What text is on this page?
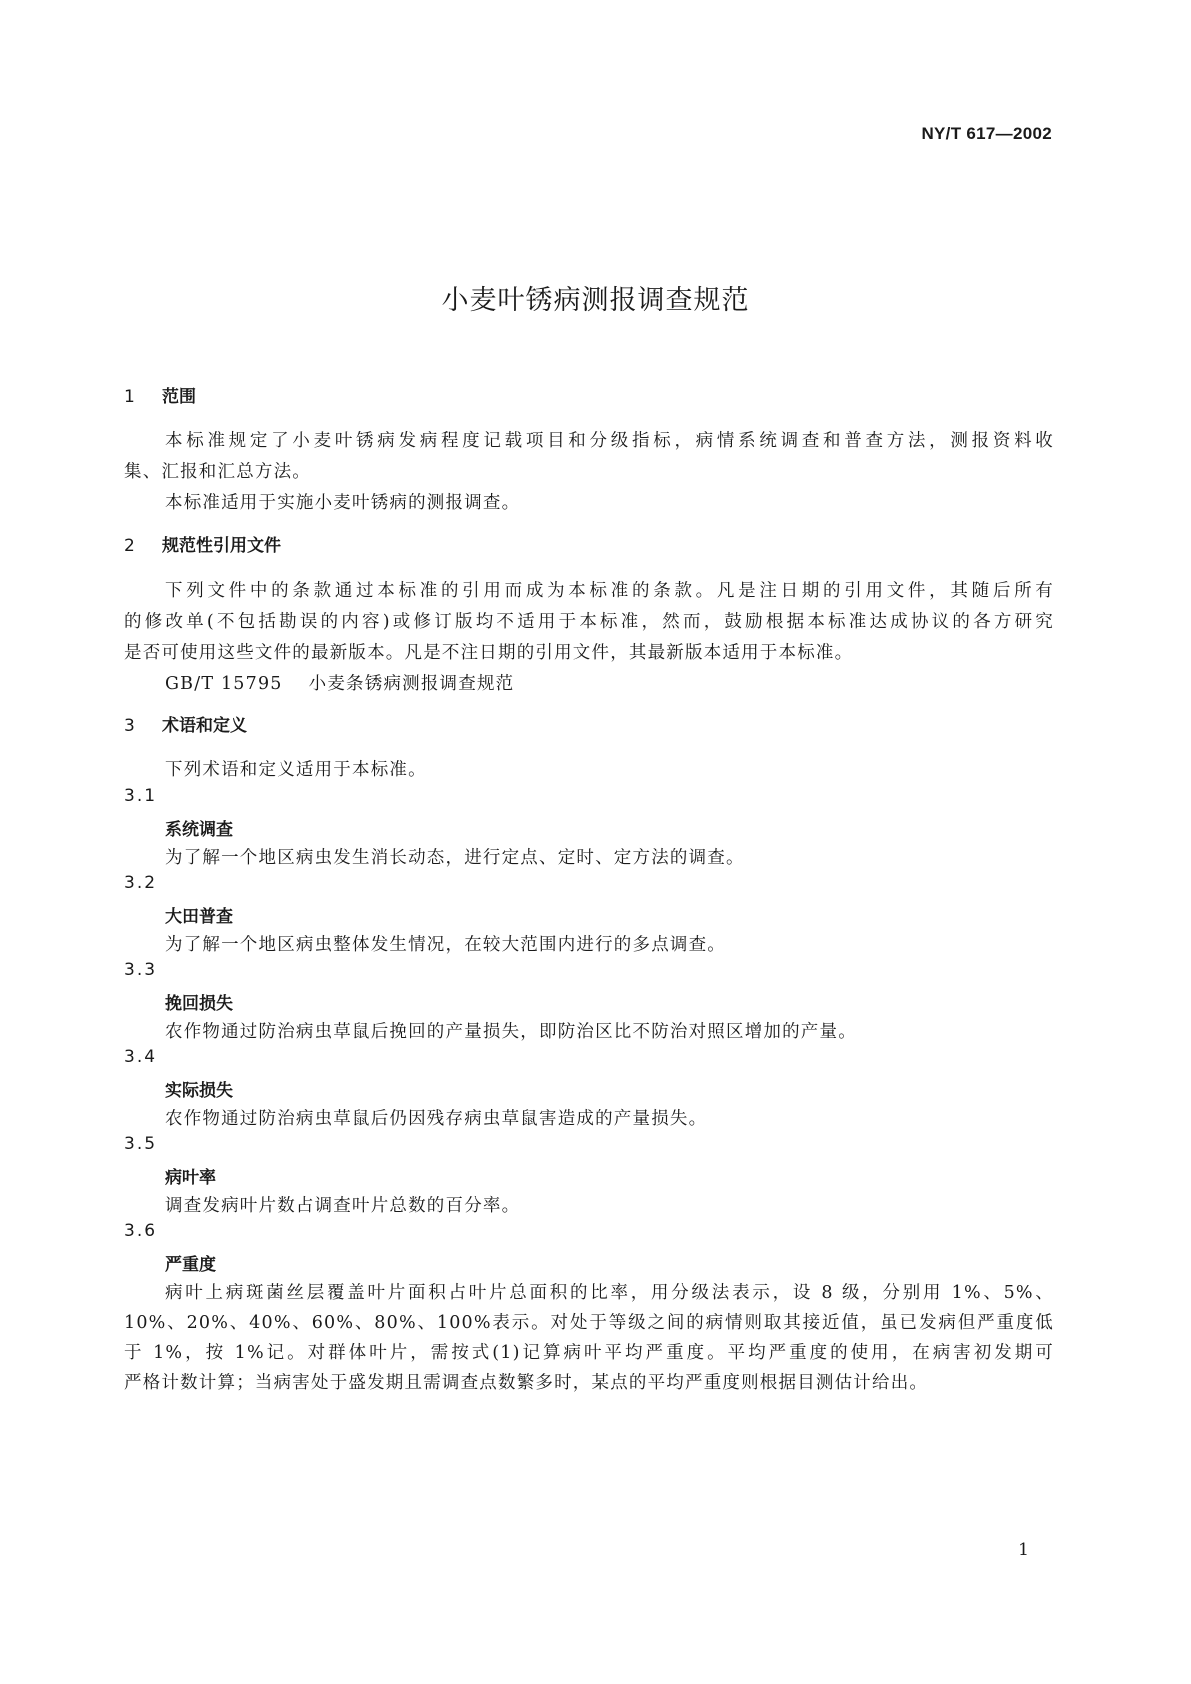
NY/T 617—2002
小麦叶锈病测报调查规范
1 范围
本标准规定了小麦叶锈病发病程度记载项目和分级指标，病情系统调查和普查方法，测报资料收
集、汇报和汇总方法。
本标准适用于实施小麦叶锈病的测报调查。
2 规范性引用文件
下列文件中的条款通过本标准的引用而成为本标准的条款。凡是注日期的引用文件，其随后所有
的修改单(不包括勘误的内容)或修订版均不适用于本标准，然而，鼓励根据本标准达成协议的各方研究
是否可使用这些文件的最新版本。凡是不注日期的引用文件，其最新版本适用于本标准。
GB/T 15795 小麦条锈病测报调查规范
3 术语和定义
下列术语和定义适用于本标准。
3.1
系统调查
为了解一个地区病虫发生消长动态，进行定点、定时、定方法的调查。
3.2
大田普查
为了解一个地区病虫整体发生情况，在较大范围内进行的多点调查。
3.3
挽回损失
农作物通过防治病虫草鼠后挽回的产量损失，即防治区比不防治对照区增加的产量。
3.4
实际损失
农作物通过防治病虫草鼠后仍因残存病虫草鼠害造成的产量损失。
3.5
病叶率
调查发病叶片数占调查叶片总数的百分率。
3.6
严重度
病叶上病斑菌丝层覆盖叶片面积占叶片总面积的比率，用分级法表示，设 8 级，分别用 1%、5%、
10%、20%、40%、60%、80%、100%表示。对处于等级之间的病情则取其接近值，虽已发病但严重度低
于 1%，按 1%记。对群体叶片，需按式(1)记算病叶平均严重度。平均严重度的使用，在病害初发期可
严格计数计算；当病害处于盛发期且需调查点数繁多时，某点的平均严重度则根据目测估计给出。
1
